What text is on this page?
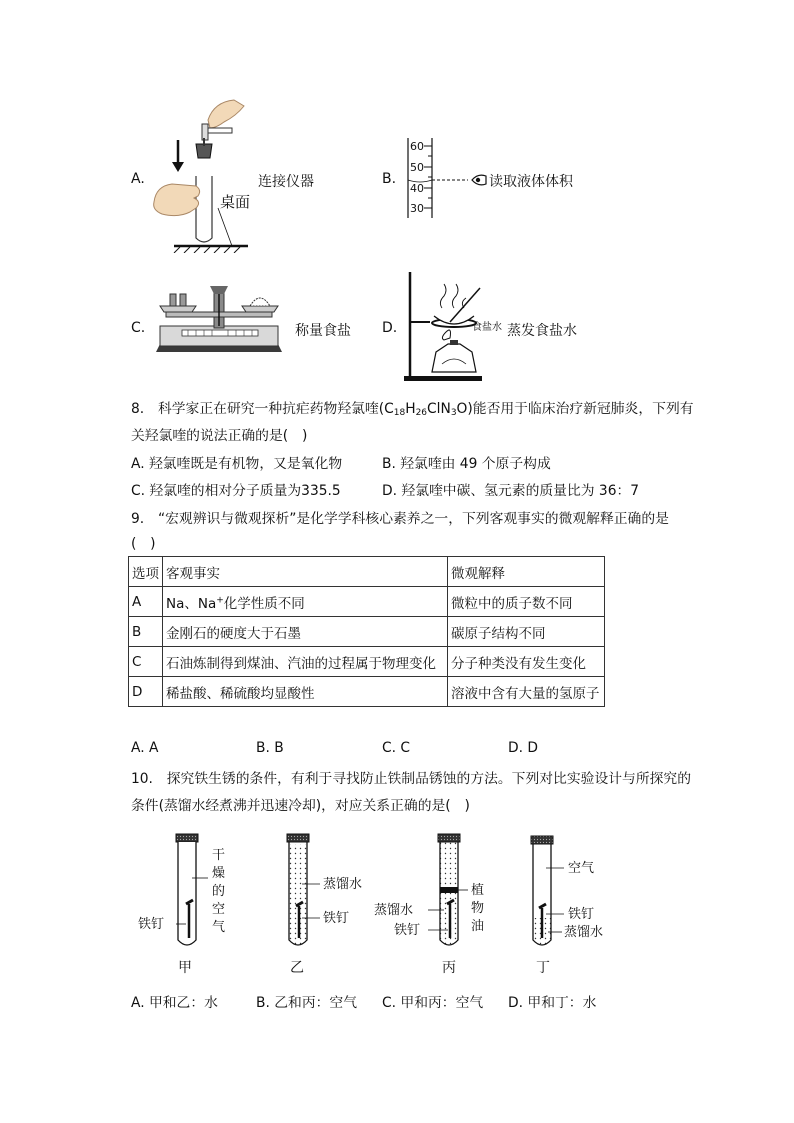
A.
桌面
连接仪器	B.
60
50
40
30
读取液体体积
C.	称量食盐 D.	食盐水 蒸发食盐水
8.　科学家正在研究一种抗疟药物羟氯喹$(C_{18}H_{26}ClN_3O)$能否用于临床治疗新冠肺炎，下列有
关羟氯喹的说法正确的是(　)
A. 羟氯喹既是有机物，又是氧化物	B. 羟氯喹由 49 个原子构成
C. 羟氯喹的相对分子质量为335.5	D. 羟氯喹中碳、氢元素的质量比为 36：7
9.　“宏观辨识与微观探析”是化学学科核心素养之一，下列客观事实的微观解释正确的是
(　)
选项	客观事实	微观解释
A	Na、Na+化学性质不同	微粒中的质子数不同
B	金刚石的硬度大于石墨	碳原子结构不同
C	石油炼制得到煤油、汽油的过程属于物理变化	分子种类没有发生变化
D	稀盐酸、稀硫酸均显酸性	溶液中含有大量的氢原子
A. A	B. B	C. C	D. D
10.　探究铁生锈的条件，有利于寻找防止铁制品锈蚀的方法。下列对比实验设计与所探究的
条件(蒸馏水经煮沸并迅速冷却)，对应关系正确的是(　)
铁钉
干
燥
的
空
气
甲
蒸馏水
铁钉
乙
蒸馏水
铁钉
植
物
油
丙
空气
铁钉
蒸馏水
丁
A. 甲和乙：水	B. 乙和丙：空气 C. 甲和丙：空气 D. 甲和丁：水
